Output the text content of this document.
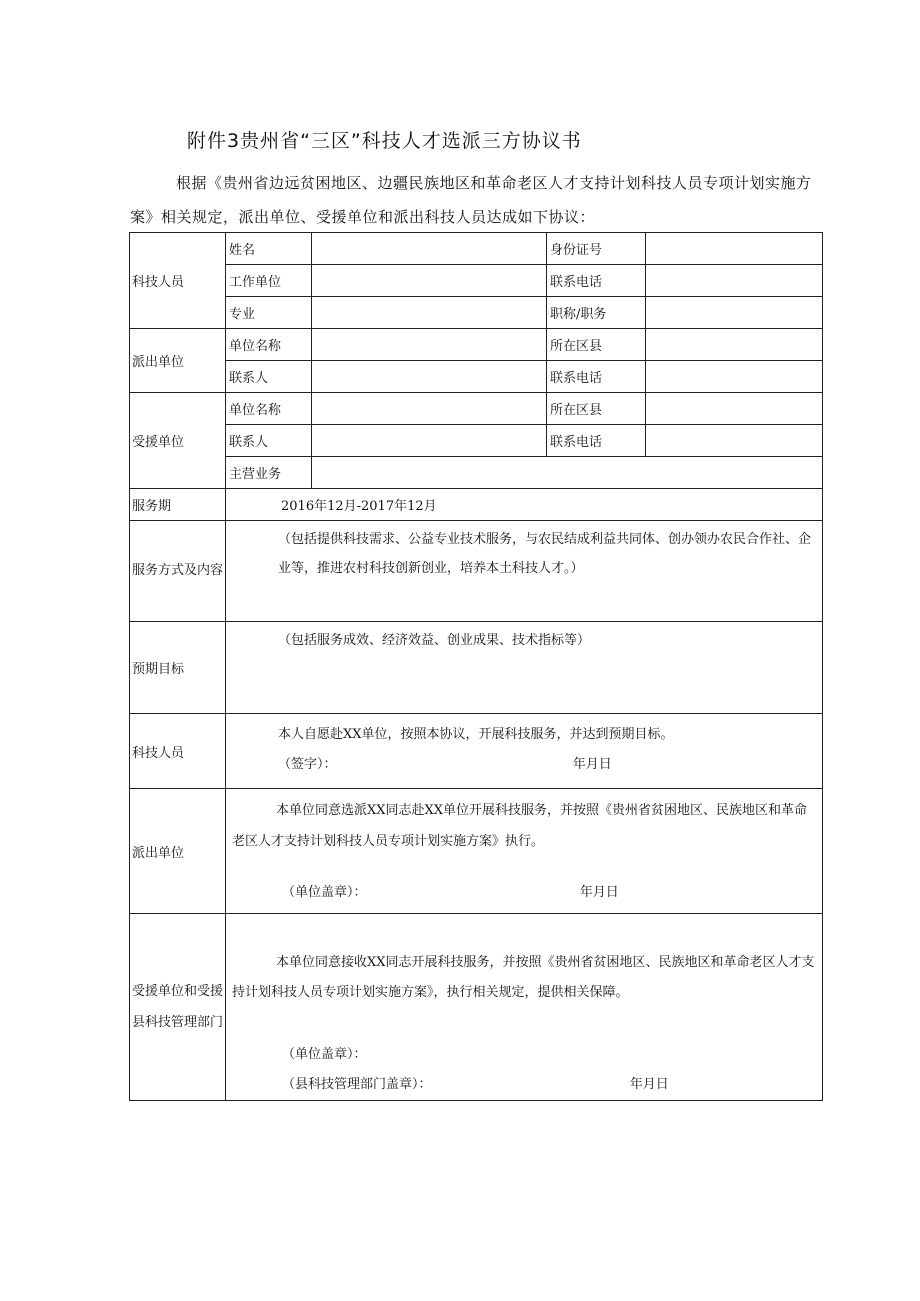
附件3贵州省“三区”科技人才选派三方协议书
根据《贵州省边远贫困地区、边疆民族地区和革命老区人才支持计划科技人员专项计划实施方案》相关规定，派出单位、受援单位和派出科技人员达成如下协议：
科技人员	姓名		身份证号	
	工作单位		联系电话	
	专业		职称/职务	
派出单位	单位名称		所在区县	
	联系人		联系电话	
受援单位	单位名称		所在区县	
	联系人		联系电话	
	主营业务			
服务期	2016年12月-2017年12月			
服务方式及内容	（包括提供科技需求、公益专业技术服务，与农民结成利益共同体、创办领办农民合作社、企业等，推进农村科技创新创业，培养本土科技人才。）			
预期目标	（包括服务成效、经济效益、创业成果、技术指标等）			
科技人员	本人自愿赴XX单位，按照本协议，开展科技服务，并达到预期目标。
（签字）： 年月日			

派出单位	本单位同意选派XX同志赴XX单位开展科技服务，并按照《贵州省贫困地区、民族地区和革命老区人才支持计划科技人员专项计划实施方案》执行。
（单位盖章）： 年月日			

受援单位和受援县科技管理部门	本单位同意接收XX同志开展科技服务，并按照《贵州省贫困地区、民族地区和革命老区人才支持计划科技人员专项计划实施方案》，执行相关规定，提供相关保障。
（单位盖章）：
（县科技管理部门盖章）： 年月日			
